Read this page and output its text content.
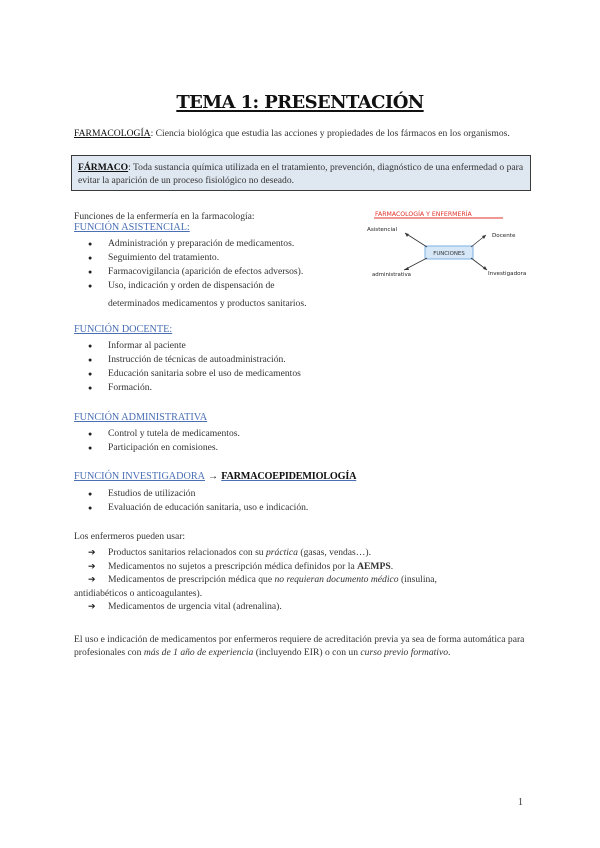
TEMA 1: PRESENTACIÓN
FARMACOLOGÍA: Ciencia biológica que estudia las acciones y propiedades de los fármacos en los organismos.
FÁRMACO: Toda sustancia química utilizada en el tratamiento, prevención, diagnóstico de una enfermedad o para evitar la aparición de un proceso fisiológico no deseado.
Funciones de la enfermería en la farmacología:	FARMACOLOGÍA Y ENFERMERÍA
FUNCIONES
Asistencial
Docente
administrativa	Investigadora
FUNCIÓN ASISTENCIAL:
● Administración y preparación de medicamentos.
● Seguimiento del tratamiento.
● Farmacovigilancia (aparición de efectos adversos).
● Uso, indicación y orden de dispensación de
determinados medicamentos y productos sanitarios.
FUNCIÓN DOCENTE:
● Informar al paciente
● Instrucción de técnicas de autoadministración.
● Educación sanitaria sobre el uso de medicamentos
● Formación.
FUNCIÓN ADMINISTRATIVA
● Control y tutela de medicamentos.
● Participación en comisiones.
FUNCIÓN INVESTIGADORA → FARMACOEPIDEMIOLOGÍA
● Estudios de utilización
● Evaluación de educación sanitaria, uso e indicación.
Los enfermeros pueden usar:
➔ Productos sanitarios relacionados con su práctica (gasas, vendas…).
➔ Medicamentos no sujetos a prescripción médica definidos por la AEMPS.
➔ Medicamentos de prescripción médica que no requieran documento médico (insulina,
antidiabéticos o anticoagulantes).
➔ Medicamentos de urgencia vital (adrenalina).
El uso e indicación de medicamentos por enfermeros requiere de acreditación previa ya sea de forma automática para profesionales con más de 1 año de experiencia (incluyendo EIR) o con un curso previo formativo.
1
